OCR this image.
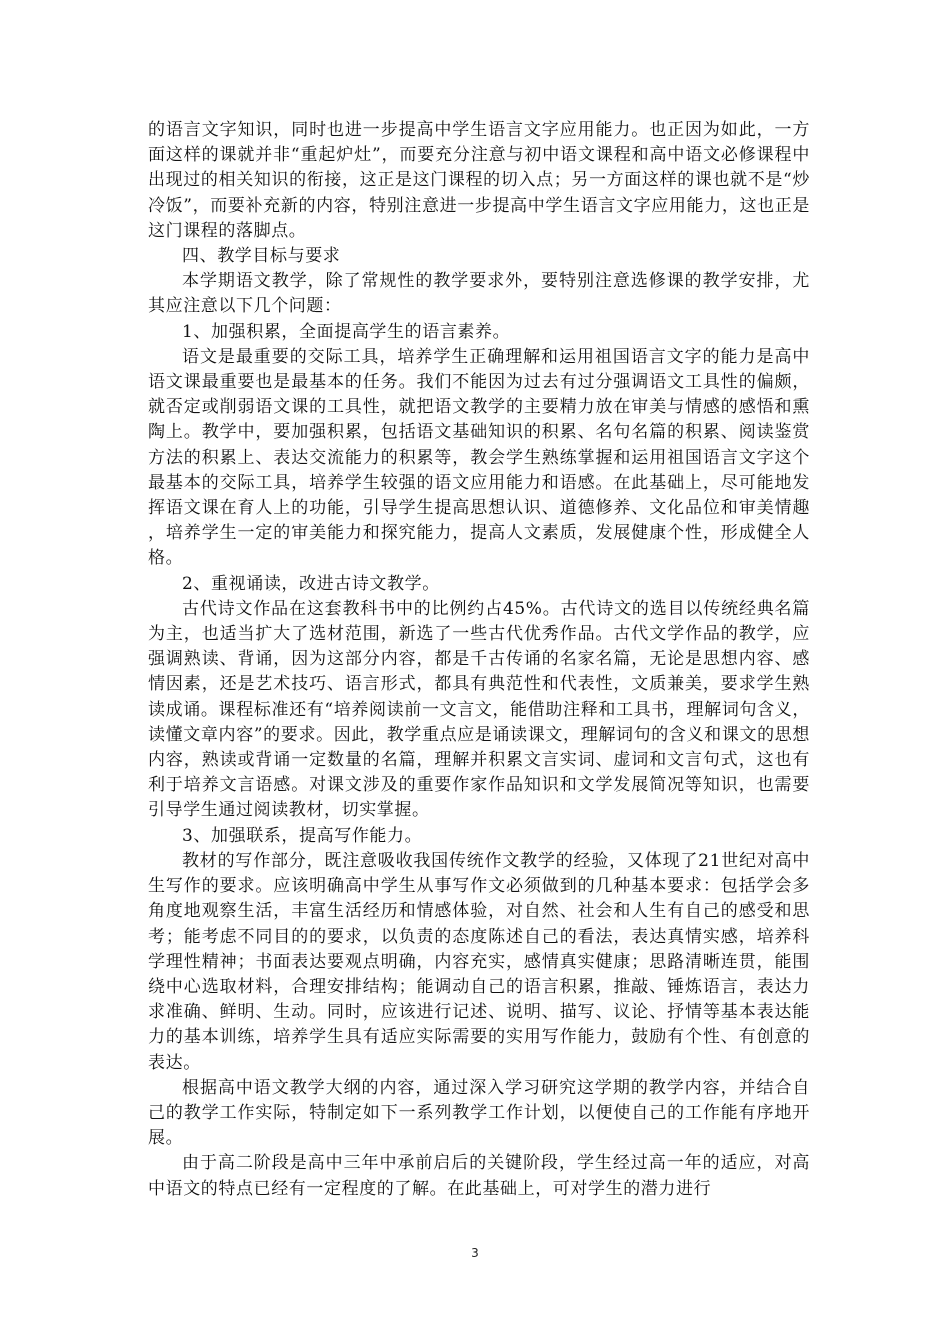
的语言文字知识，同时也进一步提高中学生语言文字应用能力。也正因为如此，一方面这样的课就并非“重起炉灶”，而要充分注意与初中语文课程和高中语文必修课程中出现过的相关知识的衔接，这正是这门课程的切入点；另一方面这样的课也就不是“炒冷饭”，而要补充新的内容，特别注意进一步提高中学生语言文字应用能力，这也正是这门课程的落脚点。

四、教学目标与要求

本学期语文教学，除了常规性的教学要求外，要特别注意选修课的教学安排，尤其应注意以下几个问题：

1、加强积累，全面提高学生的语言素养。

语文是最重要的交际工具，培养学生正确理解和运用祖国语言文字的能力是高中语文课最重要也是最基本的任务。我们不能因为过去有过分强调语文工具性的偏颇，就否定或削弱语文课的工具性，就把语文教学的主要精力放在审美与情感的感悟和熏陶上。教学中，要加强积累，包括语文基础知识的积累、名句名篇的积累、阅读鉴赏方法的积累上、表达交流能力的积累等，教会学生熟练掌握和运用祖国语言文字这个最基本的交际工具，培养学生较强的语文应用能力和语感。在此基础上，尽可能地发挥语文课在育人上的功能，引导学生提高思想认识、道德修养、文化品位和审美情趣，培养学生一定的审美能力和探究能力，提高人文素质，发展健康个性，形成健全人格。

2、重视诵读，改进古诗文教学。

古代诗文作品在这套教科书中的比例约占45%。古代诗文的选目以传统经典名篇为主，也适当扩大了选材范围，新选了一些古代优秀作品。古代文学作品的教学，应强调熟读、背诵，因为这部分内容，都是千古传诵的名家名篇，无论是思想内容、感情因素，还是艺术技巧、语言形式，都具有典范性和代表性，文质兼美，要求学生熟读成诵。课程标准还有“培养阅读前一文言文，能借助注释和工具书，理解词句含义，读懂文章内容”的要求。因此，教学重点应是诵读课文，理解词句的含义和课文的思想内容，熟读或背诵一定数量的名篇，理解并积累文言实词、虚词和文言句式，这也有利于培养文言语感。对课文涉及的重要作家作品知识和文学发展简况等知识，也需要引导学生通过阅读教材，切实掌握。

3、加强联系，提高写作能力。

教材的写作部分，既注意吸收我国传统作文教学的经验，又体现了21世纪对高中生写作的要求。应该明确高中学生从事写作文必须做到的几种基本要求：包括学会多角度地观察生活，丰富生活经历和情感体验，对自然、社会和人生有自己的感受和思考；能考虑不同目的的要求，以负责的态度陈述自己的看法，表达真情实感，培养科学理性精神；书面表达要观点明确，内容充实，感情真实健康；思路清晰连贯，能围绕中心选取材料，合理安排结构；能调动自己的语言积累，推敲、锤炼语言，表达力求准确、鲜明、生动。同时，应该进行记述、说明、描写、议论、抒情等基本表达能力的基本训练，培养学生具有适应实际需要的实用写作能力，鼓励有个性、有创意的表达。

根据高中语文教学大纲的内容，通过深入学习研究这学期的教学内容，并结合自己的教学工作实际，特制定如下一系列教学工作计划，以便使自己的工作能有序地开展。

由于高二阶段是高中三年中承前启后的关键阶段，学生经过高一年的适应，对高中语文的特点已经有一定程度的了解。在此基础上，可对学生的潜力进行

3
